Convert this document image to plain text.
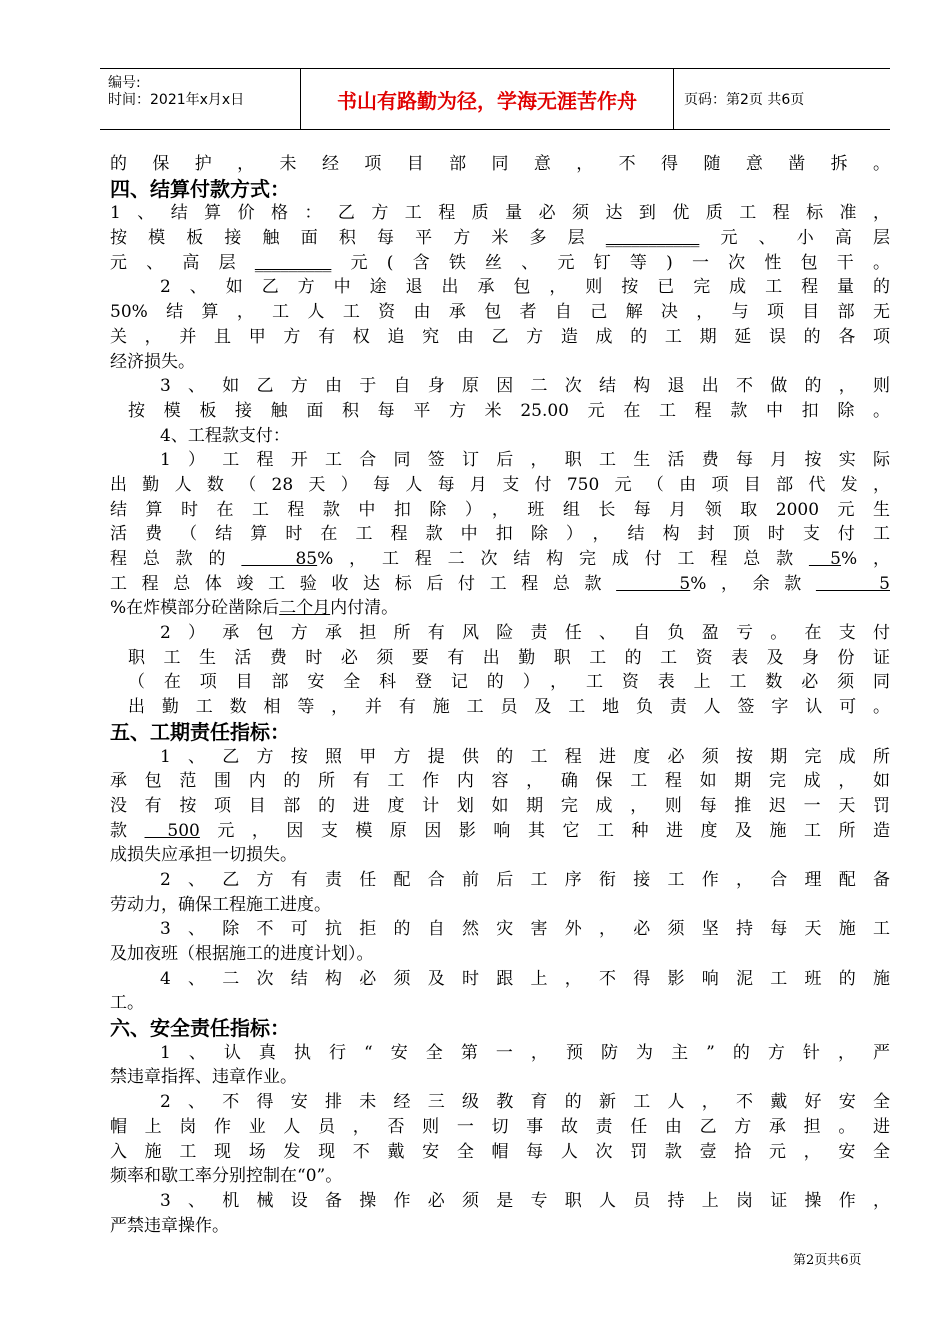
编号:
时间：2021年x月x日	书山有路勤为径，学海无涯苦作舟	页码：第2页 共6页
的保护，未经项目部同意，不得随意凿拆。
四、结算付款方式：
1、结算价格：乙方工程质量必须达到优质工程标准，
按模板接触面积每平方米多层___________元、小高层
元、高层_________元(含铁丝、元钉等)一次性包干。
2、如乙方中途退出承包，则按已完成工程量的
50%结算，工人工资由承包者自己解决，与项目部无
关，并且甲方有权追究由乙方造成的工期延误的各项
经济损失。
3、如乙方由于自身原因二次结构退出不做的，则
按模板接触面积每平方米25.00元在工程款中扣除。
4、工程款支付：
1）工程开工合同签订后，职工生活费每月按实际
出勤人数（28天）每人每月支付750元（由项目部代发，
结算时在工程款中扣除），班组长每月领取2000元生
活费（结算时在工程款中扣除），结构封顶时支付工
程总款的　 85%，工程二次结构完成付工程总款 5%，
工程总体竣工验收达标后付工程总款　　5%，余款　　5
%在炸模部分砼凿除后二个月内付清。
2）承包方承担所有风险责任、自负盈亏。在支付
职工生活费时必须要有出勤职工的工资表及身份证
（在项目部安全科登记的），工资表上工数必须同
出勤工数相等，并有施工员及工地负责人签字认可。
五、工期责任指标：
1、乙方按照甲方提供的工程进度必须按期完成所
承包范围内的所有工作内容，确保工程如期完成，如
没有按项目部的进度计划如期完成，则每推迟一天罚
款 500元，因支模原因影响其它工种进度及施工所造
成损失应承担一切损失。
2、乙方有责任配合前后工序衔接工作，合理配备
劳动力，确保工程施工进度。
3、除不可抗拒的自然灾害外，必须坚持每天施工
及加夜班（根据施工的进度计划）。
4、二次结构必须及时跟上，不得影响泥工班的施
工。
六、安全责任指标：
1、认真执行“安全第一，预防为主”的方针，严
禁违章指挥、违章作业。
2、不得安排未经三级教育的新工人，不戴好安全
帽上岗作业人员，否则一切事故责任由乙方承担。进
入施工现场发现不戴安全帽每人次罚款壹拾元，安全
频率和歇工率分别控制在“0”。
3、机械设备操作必须是专职人员持上岗证操作，
严禁违章操作。
第2页共6页
